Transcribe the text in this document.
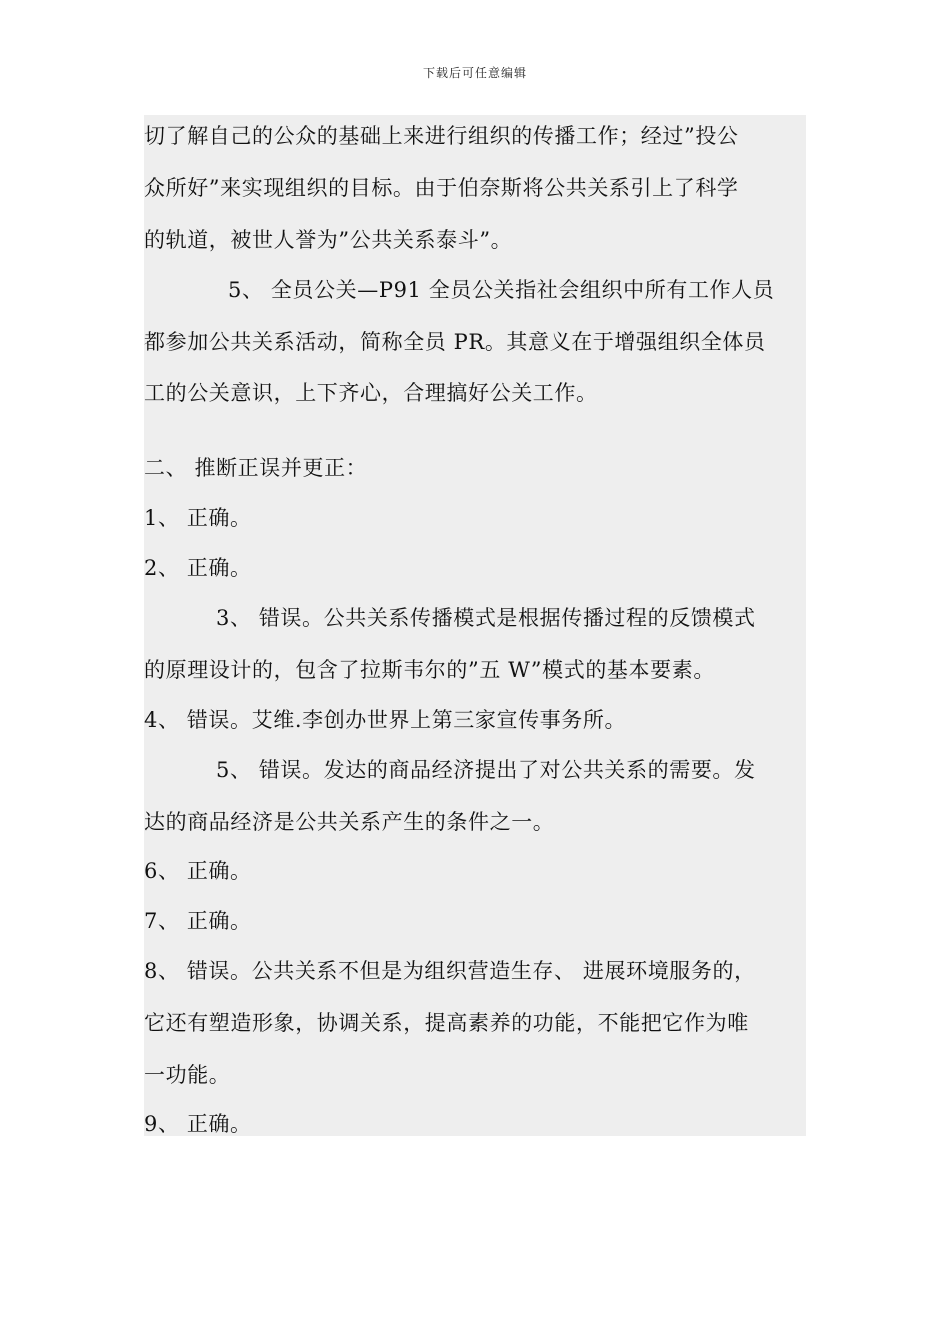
下载后可任意编辑
切了解自己的公众的基础上来进行组织的传播工作；经过”投公
众所好”来实现组织的目标。由于伯奈斯将公共关系引上了科学
的轨道，被世人誉为”公共关系泰斗”。
5、 全员公关—P91 全员公关指社会组织中所有工作人员
都参加公共关系活动，简称全员 PR。其意义在于增强组织全体员
工的公关意识，上下齐心，合理搞好公关工作。
二、 推断正误并更正：
1、 正确。
2、 正确。
3、 错误。公共关系传播模式是根据传播过程的反馈模式
的原理设计的，包含了拉斯韦尔的”五 W”模式的基本要素。
4、 错误。艾维.李创办世界上第三家宣传事务所。
5、 错误。发达的商品经济提出了对公共关系的需要。发
达的商品经济是公共关系产生的条件之一。
6、 正确。
7、 正确。
8、 错误。公共关系不但是为组织营造生存、 进展环境服务的，
它还有塑造形象，协调关系，提高素养的功能，不能把它作为唯
一功能。
9、 正确。
